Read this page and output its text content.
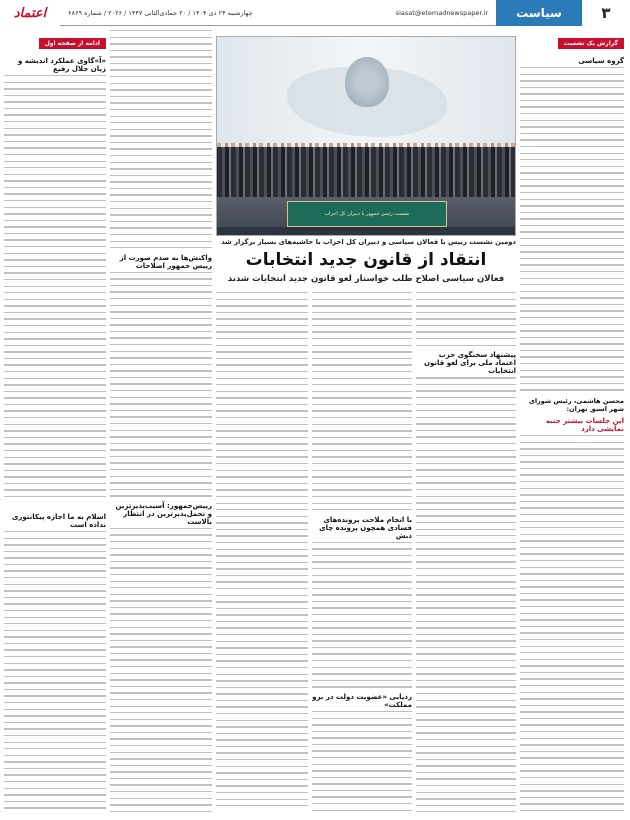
۳
سیاست
siasat@etemadnewspaper.ir
چهارشنبه ۲۴ دی ۱۴۰۴ / ۲۰ جمادی‌الثانی ۱۴۴۷ / ۲۰۲۶ / شماره ۶۸۶۹
اعتماد
گزارش یک نشست
گروه سیاسی
محسن هاشمی، رئیس شورای شهر اسبق تهران:
این جلسات بیشتر جنبه نمایشی دارد
نشست رئیس جمهور با دبیران کل احزاب
دومین نشست رییس با فعالان سیاسی و دبیران کل احزاب با حاشیه‌های بسیار برگزار شد
انتقاد از قانون جدید انتخابات
فعالان سیاسی اصلاح طلب خواستار لغو قانون جدید انتخابات شدند
پیشنهاد سخنگوی حزب اعتماد ملی برای لغو قانون انتخابات
با انجام ملاحت پرونده‌های فسادی همچون پرونده چای دبش
ردیابی «عضویت دولت در برو مملکت»
واکنش‌ها به صدم صورت از رییس جمهور اصلاحات
رییس‌جمهور: آسیب‌پذیرترین و تحمل‌پذیرترین در انتظار بالاست
ادامه از صفحه اول
«آ»گاوی عملکرد اندیشه و زبان جلال رفیع
اسلام به ما اجازه پیکانتوری نداده است
